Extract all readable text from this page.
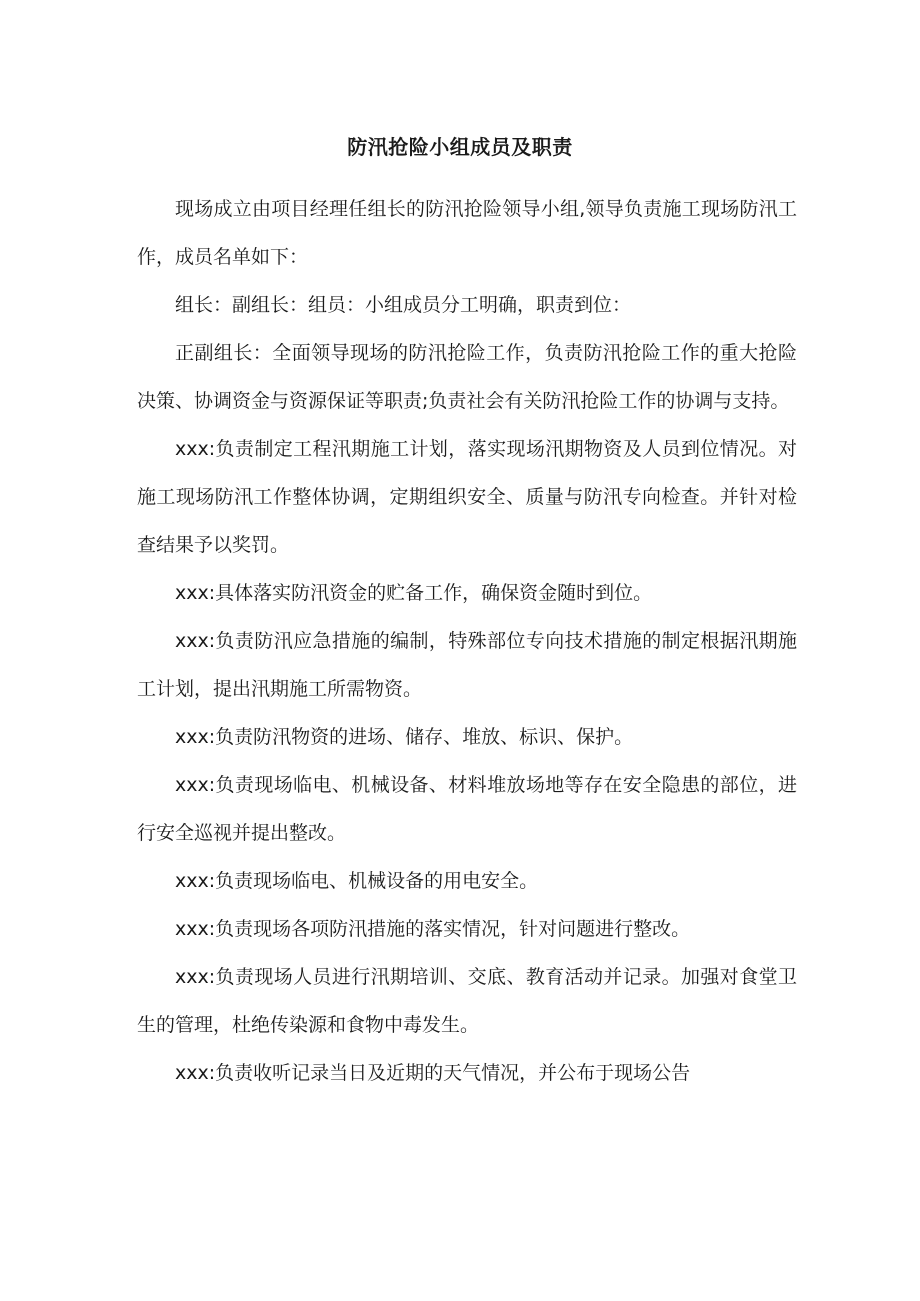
防汛抢险小组成员及职责

现场成立由项目经理任组长的防汛抢险领导小组,领导负责施工现场防汛工作，成员名单如下：

组长：副组长：组员：小组成员分工明确，职责到位：

正副组长：全面领导现场的防汛抢险工作，负责防汛抢险工作的重大抢险决策、协调资金与资源保证等职责;负责社会有关防汛抢险工作的协调与支持。

xxx:负责制定工程汛期施工计划，落实现场汛期物资及人员到位情况。对施工现场防汛工作整体协调，定期组织安全、质量与防汛专向检查。并针对检查结果予以奖罚。

xxx:具体落实防汛资金的贮备工作，确保资金随时到位。

xxx:负责防汛应急措施的编制，特殊部位专向技术措施的制定根据汛期施工计划，提出汛期施工所需物资。

xxx:负责防汛物资的进场、储存、堆放、标识、保护。

xxx:负责现场临电、机械设备、材料堆放场地等存在安全隐患的部位，进行安全巡视并提出整改。

xxx:负责现场临电、机械设备的用电安全。

xxx:负责现场各项防汛措施的落实情况，针对问题进行整改。

xxx:负责现场人员进行汛期培训、交底、教育活动并记录。加强对食堂卫生的管理，杜绝传染源和食物中毒发生。

xxx:负责收听记录当日及近期的天气情况，并公布于现场公告
